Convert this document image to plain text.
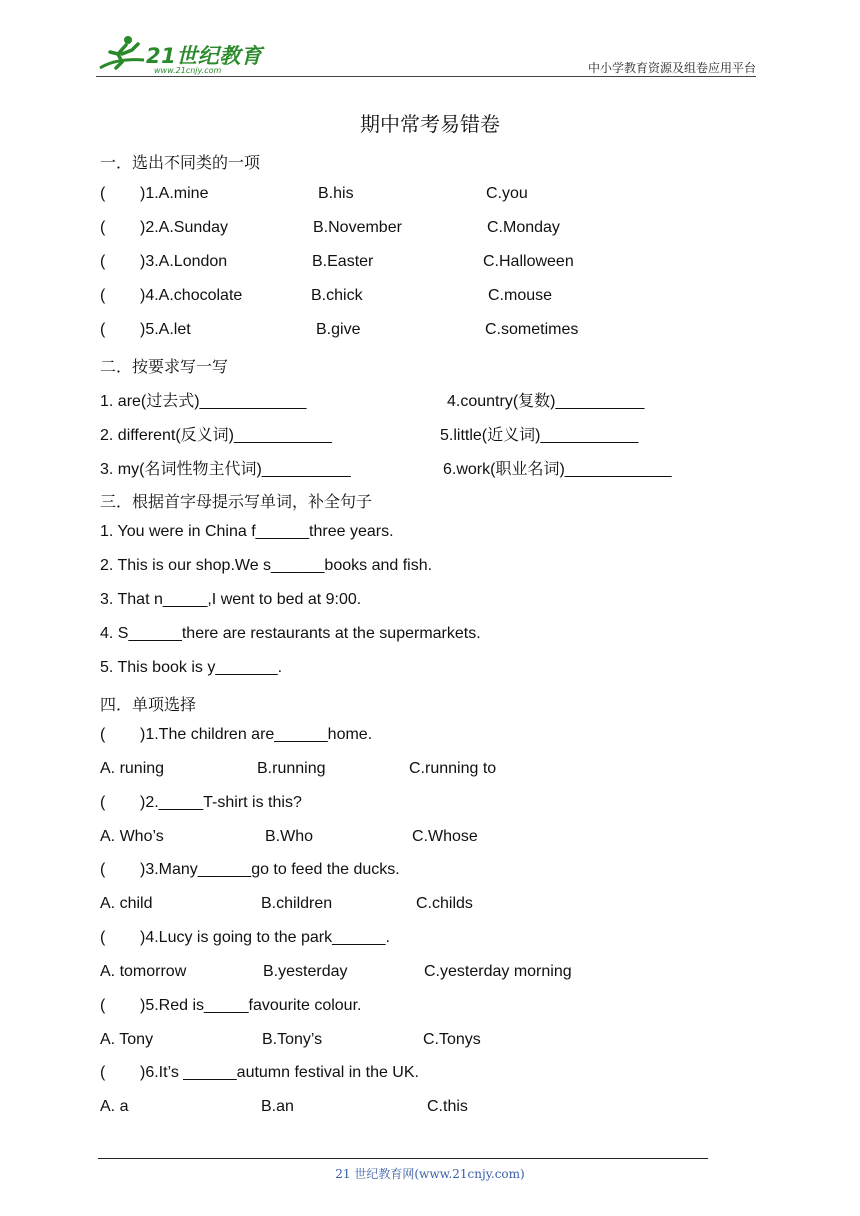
21世纪教育
www.21cnjy.com	中小学教育资源及组卷应用平台
期中常考易错卷
一．选出不同类的一项
( )1.A.mine	B.his	C.you
( )2.A.Sunday	B.November	C.Monday
( )3.A.London	B.Easter	C.Halloween
( )4.A.chocolate	B.chick	C.mouse
( )5.A.let	B.give	C.sometimes
二．按要求写一写
1. are(过去式)____________	4.country(复数)__________
2. different(反义词)___________	5.little(近义词)___________
3. my(名词性物主代词)__________	6.work(职业名词)____________
三．根据首字母提示写单词，补全句子
1. You were in China f______three years.
2. This is our shop.We s______books and fish.
3. That n_____,I went to bed at 9:00.
4. S______there are restaurants at the supermarkets.
5. This book is y_______.
四．单项选择
( )1.The children are______home.
A. runing	B.running	C.running to
( )2._____T-shirt is this?
A. Who’s	B.Who	C.Whose
( )3.Many______go to feed the ducks.
A. child	B.children	C.childs
( )4.Lucy is going to the park______.
A. tomorrow	B.yesterday	C.yesterday morning
( )5.Red is_____favourite colour.
A. Tony	B.Tony’s	C.Tonys
( )6.It’s ______autumn festival in the UK.
A. a	B.an	C.this
21 世纪教育网(www.21cnjy.com)
